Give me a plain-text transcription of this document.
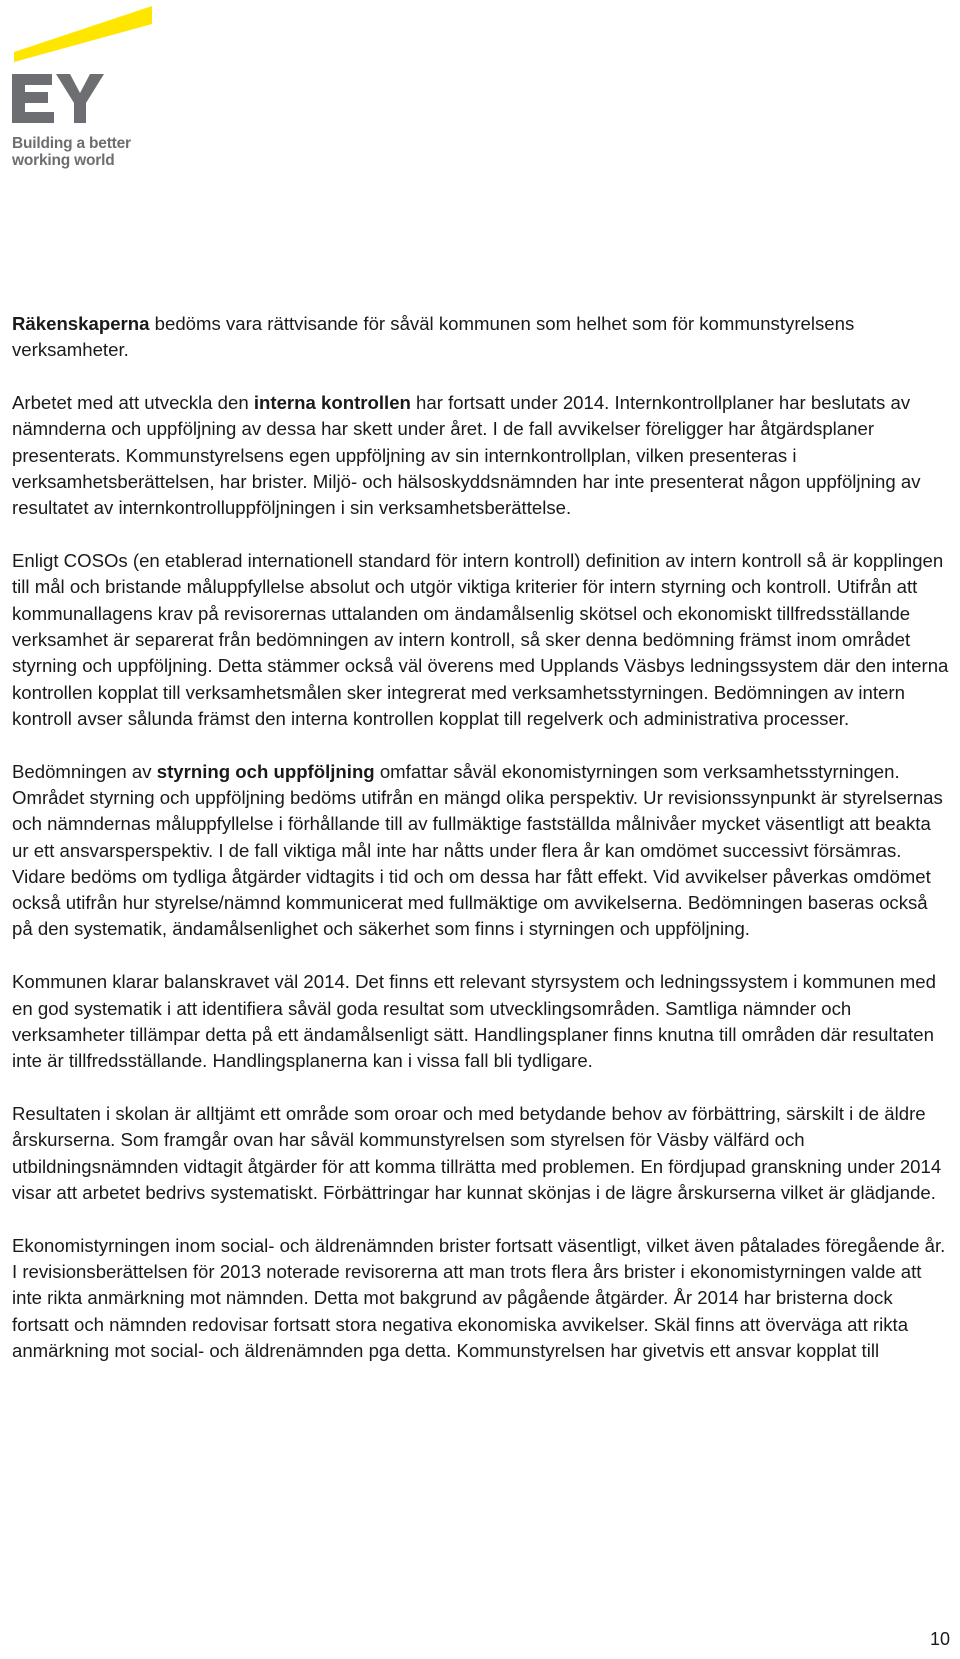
Building a better
working world

Räkenskaperna bedöms vara rättvisande för såväl kommunen som helhet som för kommunstyrelsens verksamheter.

Arbetet med att utveckla den interna kontrollen har fortsatt under 2014. Internkontrollplaner har beslutats av nämnderna och uppföljning av dessa har skett under året. I de fall avvikelser föreligger har åtgärdsplaner presenterats. Kommunstyrelsens egen uppföljning av sin internkontrollplan, vilken presenteras i verksamhetsberättelsen, har brister. Miljö- och hälsoskyddsnämnden har inte presenterat någon uppföljning av resultatet av internkontrolluppföljningen i sin verksamhetsberättelse.

Enligt COSOs (en etablerad internationell standard för intern kontroll) definition av intern kontroll så är kopplingen till mål och bristande måluppfyllelse absolut och utgör viktiga kriterier för intern styrning och kontroll. Utifrån att kommunallagens krav på revisorernas uttalanden om ändamålsenlig skötsel och ekonomiskt tillfredsställande verksamhet är separerat från bedömningen av intern kontroll, så sker denna bedömning främst inom området styrning och uppföljning. Detta stämmer också väl överens med Upplands Väsbys ledningssystem där den interna kontrollen kopplat till verksamhetsmålen sker integrerat med verksamhetsstyrningen. Bedömningen av intern kontroll avser sålunda främst den interna kontrollen kopplat till regelverk och administrativa processer.

Bedömningen av styrning och uppföljning omfattar såväl ekonomistyrningen som verksamhetsstyrningen. Området styrning och uppföljning bedöms utifrån en mängd olika perspektiv. Ur revisionssynpunkt är styrelsernas och nämndernas måluppfyllelse i förhållande till av fullmäktige fastställda målnivåer mycket väsentligt att beakta ur ett ansvarsperspektiv. I de fall viktiga mål inte har nåtts under flera år kan omdömet successivt försämras. Vidare bedöms om tydliga åtgärder vidtagits i tid och om dessa har fått effekt. Vid avvikelser påverkas omdömet också utifrån hur styrelse/nämnd kommunicerat med fullmäktige om avvikelserna. Bedömningen baseras också på den systematik, ändamålsenlighet och säkerhet som finns i styrningen och uppföljning.

Kommunen klarar balanskravet väl 2014. Det finns ett relevant styrsystem och ledningssystem i kommunen med en god systematik i att identifiera såväl goda resultat som utvecklingsområden. Samtliga nämnder och verksamheter tillämpar detta på ett ändamålsenligt sätt. Handlingsplaner finns knutna till områden där resultaten inte är tillfredsställande. Handlingsplanerna kan i vissa fall bli tydligare.

Resultaten i skolan är alltjämt ett område som oroar och med betydande behov av förbättring, särskilt i de äldre årskurserna. Som framgår ovan har såväl kommunstyrelsen som styrelsen för Väsby välfärd och utbildningsnämnden vidtagit åtgärder för att komma tillrätta med problemen. En fördjupad granskning under 2014 visar att arbetet bedrivs systematiskt. Förbättringar har kunnat skönjas i de lägre årskurserna vilket är glädjande.

Ekonomistyrningen inom social- och äldrenämnden brister fortsatt väsentligt, vilket även påtalades föregående år. I revisionsberättelsen för 2013 noterade revisorerna att man trots flera års brister i ekonomistyrningen valde att inte rikta anmärkning mot nämnden. Detta mot bakgrund av pågående åtgärder. År 2014 har bristerna dock fortsatt och nämnden redovisar fortsatt stora negativa ekonomiska avvikelser. Skäl finns att överväga att rikta anmärkning mot social- och äldrenämnden pga detta. Kommunstyrelsen har givetvis ett ansvar kopplat till

10
